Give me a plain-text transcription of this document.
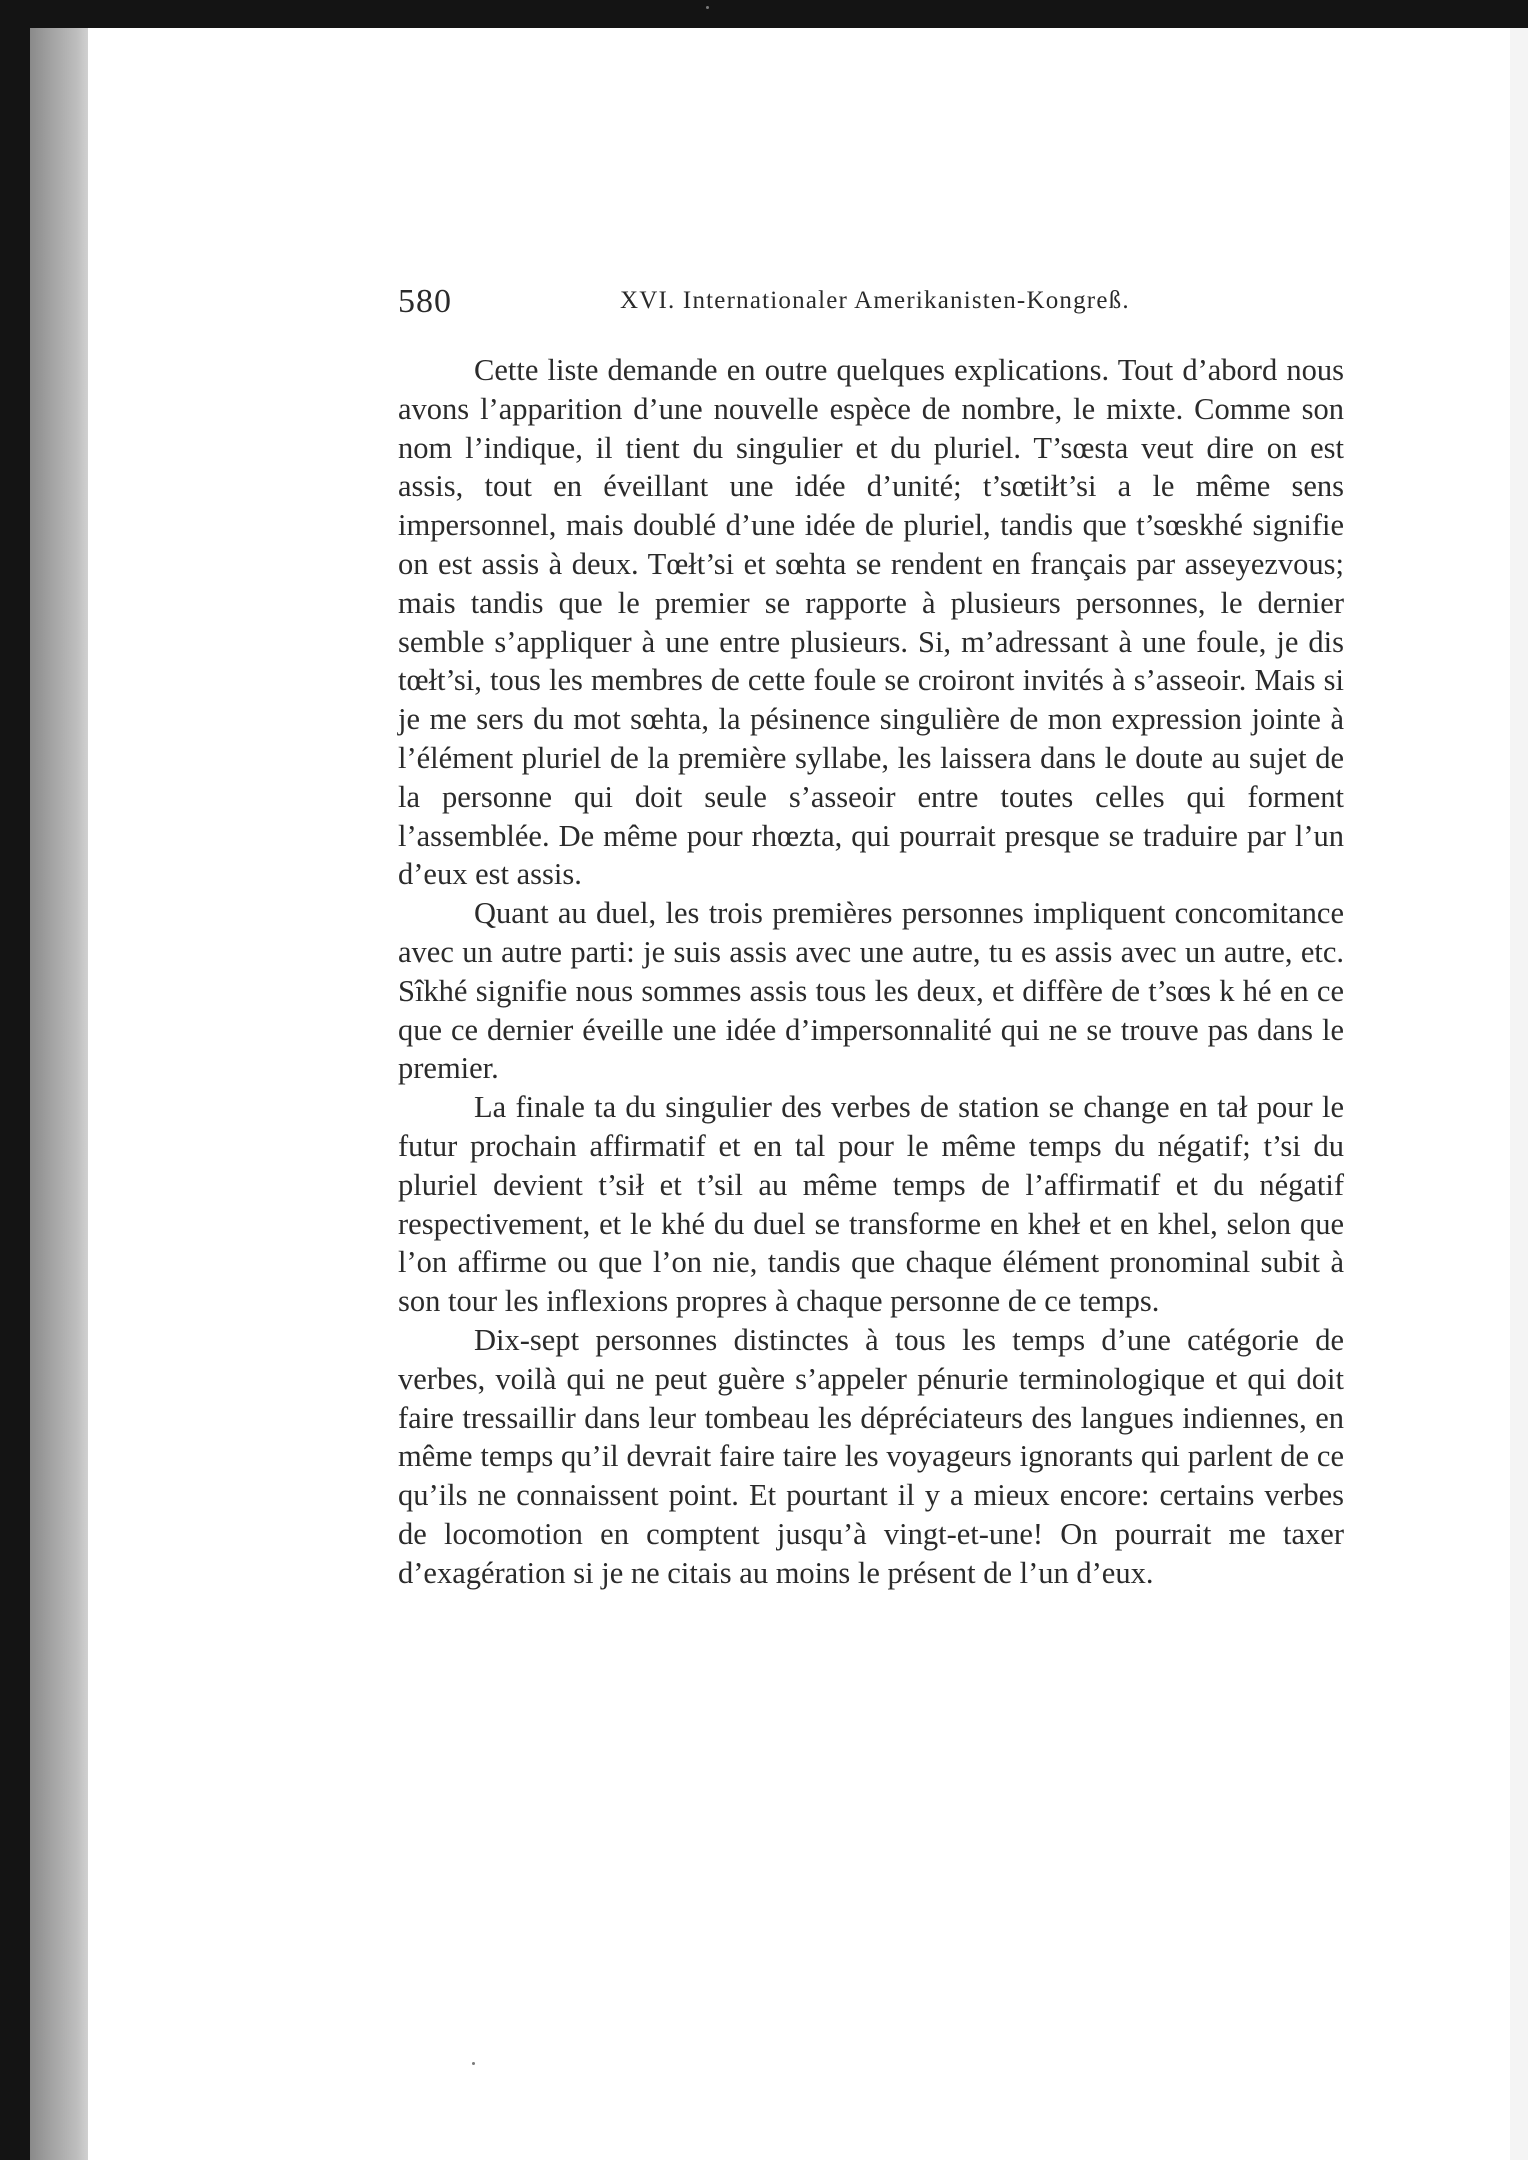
580	XVI. Internationaler Amerikanisten-Kongreß.

Cette liste demande en outre quelques explications. Tout d’abord nous avons l’apparition d’une nouvelle espèce de nombre, le mixte. Comme son nom l’indique, il tient du singulier et du pluriel. T’sœsta veut dire on est assis, tout en éveillant une idée d’unité; t’sœtiłt’si a le même sens impersonnel, mais doublé d’une idée de pluriel, tandis que t’sœskhé signifie on est assis à deux. Tœłt’si et sœhta se rendent en français par asseyezvous; mais tandis que le premier se rapporte à plusieurs personnes, le dernier semble s’appliquer à une entre plusieurs. Si, m’adressant à une foule, je dis tœłt’si, tous les membres de cette foule se croiront invités à s’asseoir. Mais si je me sers du mot sœhta, la pésinence singulière de mon expression jointe à l’élément pluriel de la première syllabe, les laissera dans le doute au sujet de la personne qui doit seule s’asseoir entre toutes celles qui forment l’assemblée. De même pour rhœzta, qui pourrait presque se traduire par l’un d’eux est assis.

Quant au duel, les trois premières personnes impliquent concomitance avec un autre parti: je suis assis avec une autre, tu es assis avec un autre, etc. Sîkhé signifie nous sommes assis tous les deux, et diffère de t’sœs k hé en ce que ce dernier éveille une idée d’impersonnalité qui ne se trouve pas dans le premier.

La finale ta du singulier des verbes de station se change en tał pour le futur prochain affirmatif et en tal pour le même temps du négatif; t’si du pluriel devient t’sił et t’sil au même temps de l’affirmatif et du négatif respectivement, et le khé du duel se transforme en kheł et en khel, selon que l’on affirme ou que l’on nie, tandis que chaque élément pronominal subit à son tour les inflexions propres à chaque personne de ce temps.

Dix-sept personnes distinctes à tous les temps d’une catégorie de verbes, voilà qui ne peut guère s’appeler pénurie terminologique et qui doit faire tressaillir dans leur tombeau les dépréciateurs des langues indiennes, en même temps qu’il devrait faire taire les voyageurs ignorants qui parlent de ce qu’ils ne connaissent point. Et pourtant il y a mieux encore: certains verbes de locomotion en comptent jusqu’à vingt-et-une! On pourrait me taxer d’exagération si je ne citais au moins le présent de l’un d’eux.
